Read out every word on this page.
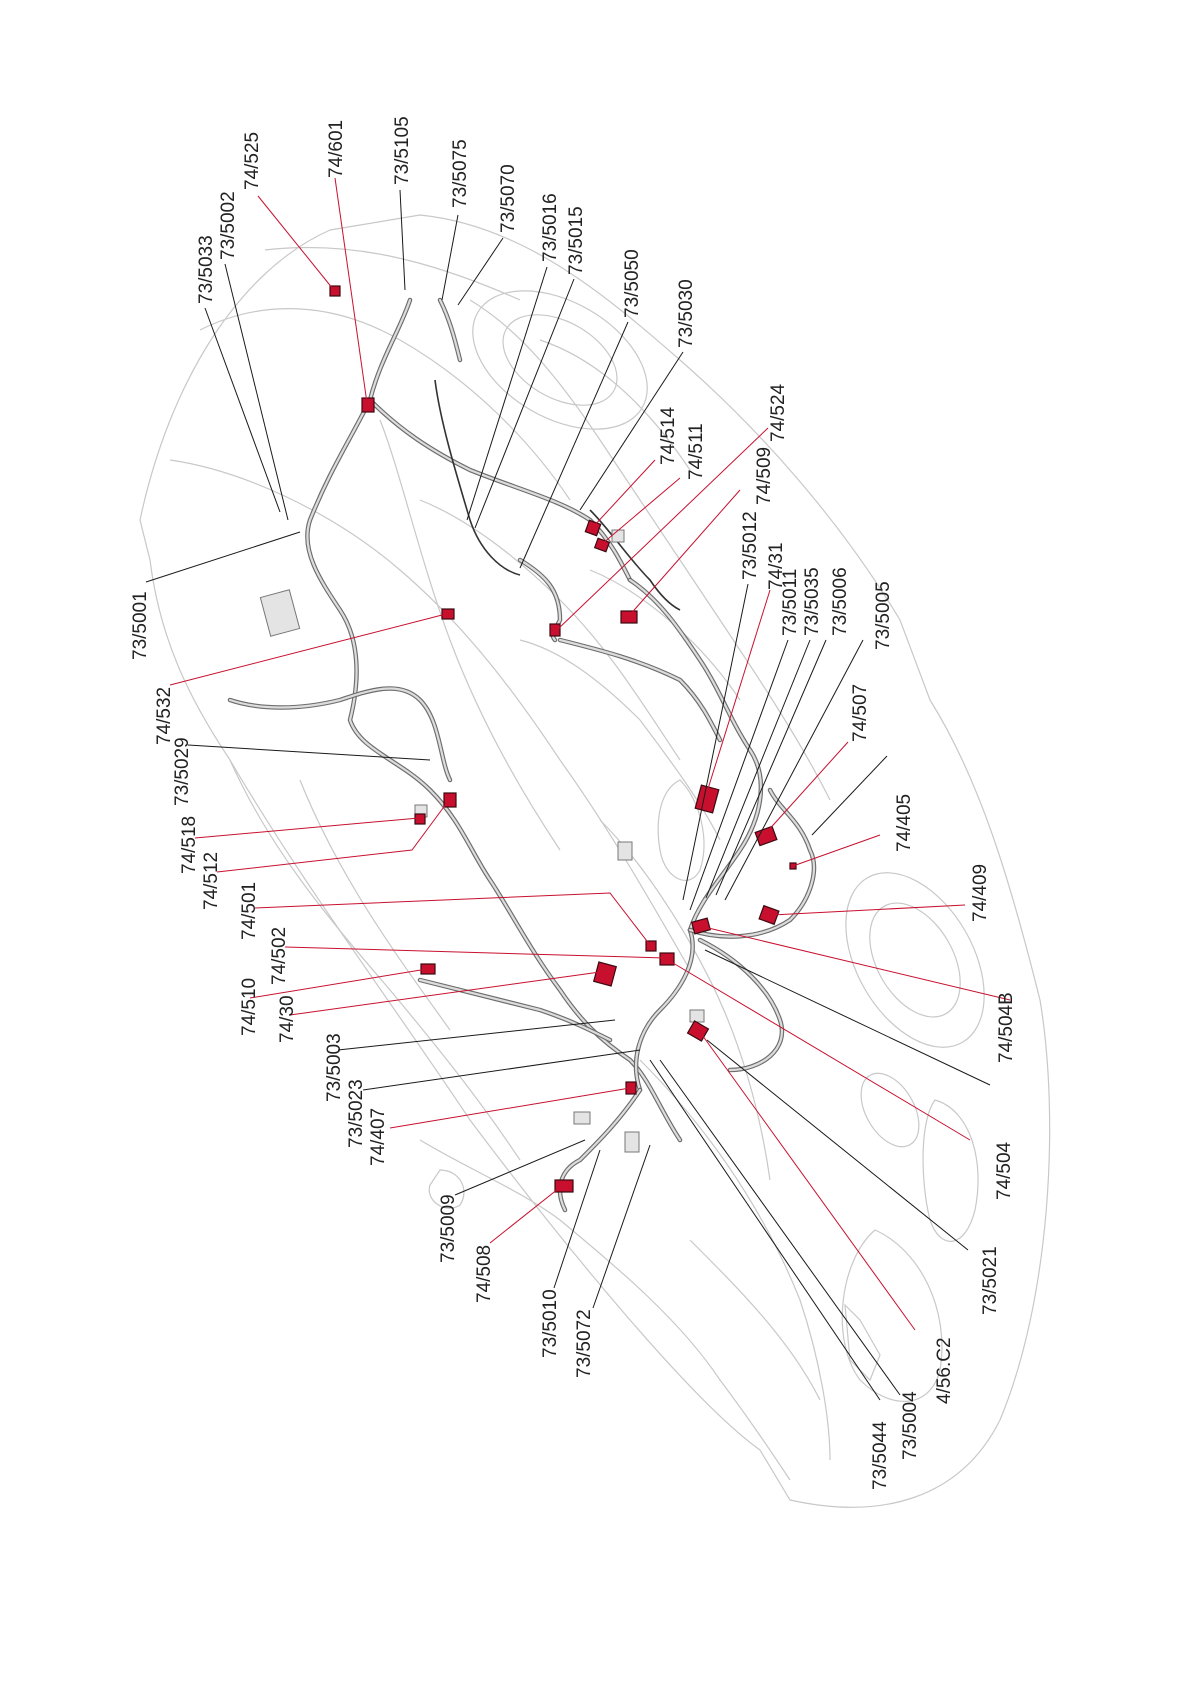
73/5105 73/5075 73/5070 73/5016 73/5015
73/5050 73/5030
73/5033
73/5002
73/5001
73/5029
73/5012
73/5011 73/5035 73/5006 73/5005
73/5003
73/5023
73/5009
73/5010 73/5072
73/5044 73/5004
73/5021
74/525	74/601
74/514 74/511
74/524
74/509
74/31
74/532	74/507
74/405
74/409
74/518
74/512
74/501
74/502
74/510 74/30	74/504B
74/504
74/407
74/508
4/56.C2
